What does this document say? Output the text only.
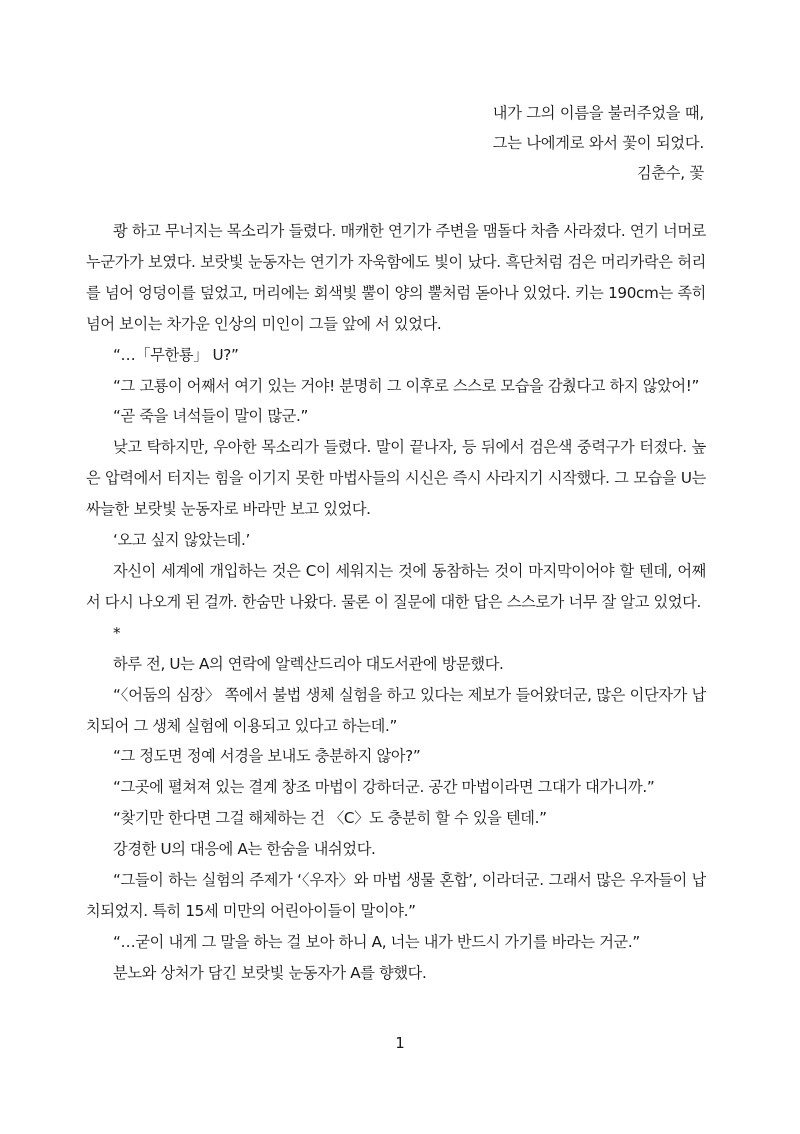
내가 그의 이름을 불러주었을 때,
그는 나에게로 와서 꽃이 되었다.
김춘수, 꽃

쾅 하고 무너지는 목소리가 들렸다. 매캐한 연기가 주변을 맴돌다 차츰 사라졌다. 연기 너머로 누군가가 보였다. 보랏빛 눈동자는 연기가 자욱함에도 빛이 났다. 흑단처럼 검은 머리카락은 허리를 넘어 엉덩이를 덮었고, 머리에는 회색빛 뿔이 양의 뿔처럼 돋아나 있었다. 키는 190cm는 족히 넘어 보이는 차가운 인상의 미인이 그들 앞에 서 있었다.

“…「무한룡」 U?”

“그 고룡이 어째서 여기 있는 거야! 분명히 그 이후로 스스로 모습을 감췄다고 하지 않았어!”

“곧 죽을 녀석들이 말이 많군.”

낮고 탁하지만, 우아한 목소리가 들렸다. 말이 끝나자, 등 뒤에서 검은색 중력구가 터졌다. 높은 압력에서 터지는 힘을 이기지 못한 마법사들의 시신은 즉시 사라지기 시작했다. 그 모습을 U는 싸늘한 보랏빛 눈동자로 바라만 보고 있었다.

‘오고 싶지 않았는데.’

자신이 세계에 개입하는 것은 C이 세워지는 것에 동참하는 것이 마지막이어야 할 텐데, 어째서 다시 나오게 된 걸까. 한숨만 나왔다. 물론 이 질문에 대한 답은 스스로가 너무 잘 알고 있었다.

*

하루 전, U는 A의 연락에 알렉산드리아 대도서관에 방문했다.

“〈어둠의 심장〉 쪽에서 불법 생체 실험을 하고 있다는 제보가 들어왔더군, 많은 이단자가 납치되어 그 생체 실험에 이용되고 있다고 하는데.”

“그 정도면 정예 서경을 보내도 충분하지 않아?”

“그곳에 펼쳐져 있는 결계 창조 마법이 강하더군. 공간 마법이라면 그대가 대가니까.”

“찾기만 한다면 그걸 해체하는 건 〈C〉도 충분히 할 수 있을 텐데.”

강경한 U의 대응에 A는 한숨을 내쉬었다.

“그들이 하는 실험의 주제가 ‘〈우자〉와 마법 생물 혼합’, 이라더군. 그래서 많은 우자들이 납치되었지. 특히 15세 미만의 어린아이들이 말이야.”

“…굳이 내게 그 말을 하는 걸 보아 하니 A, 너는 내가 반드시 가기를 바라는 거군.”

분노와 상처가 담긴 보랏빛 눈동자가 A를 향했다.

1
